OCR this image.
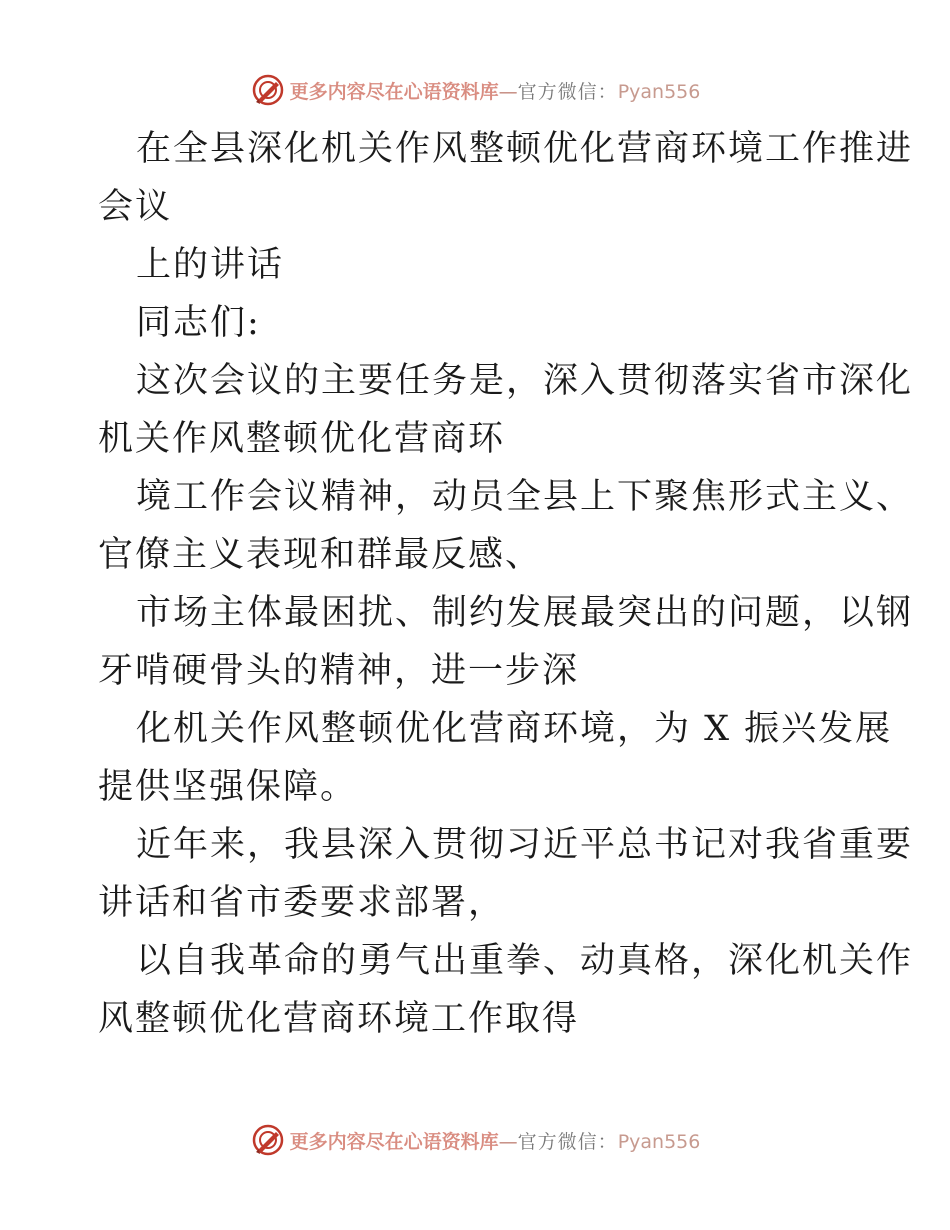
更多内容尽在心语资料库—官方微信：Pyan556
在全县深化机关作风整顿优化营商环境工作推进
会议
上的讲话
同志们:
这次会议的主要任务是，深入贯彻落实省市深化
机关作风整顿优化营商环
境工作会议精神，动员全县上下聚焦形式主义、
官僚主义表现和群最反感、
市场主体最困扰、制约发展最突出的问题，以钢
牙啃硬骨头的精神，进一步深
化机关作风整顿优化营商环境，为 X 振兴发展
提供坚强保障。
近年来，我县深入贯彻习近平总书记对我省重要
讲话和省市委要求部署，
以自我革命的勇气出重拳、动真格，深化机关作
风整顿优化营商环境工作取得
更多内容尽在心语资料库—官方微信：Pyan556
